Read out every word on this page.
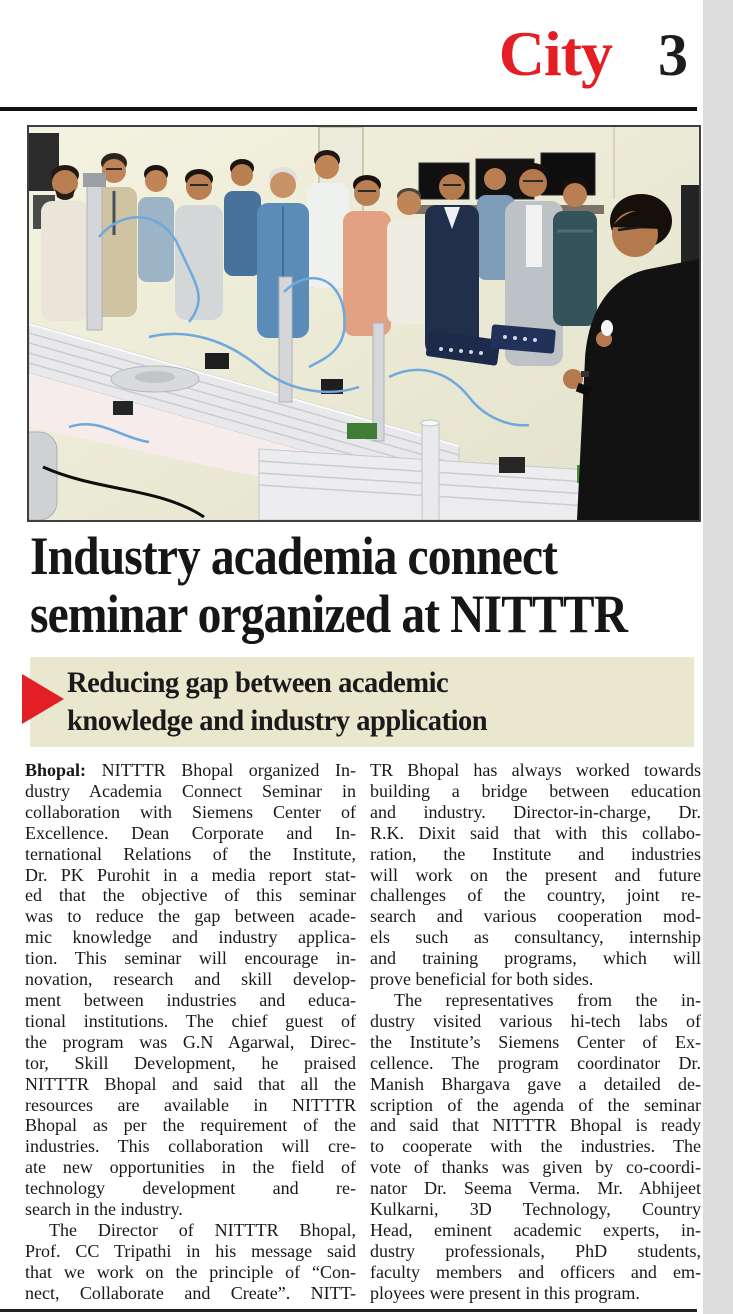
City 3
Industry academia connect
seminar organized at NITTTR
Reducing gap between academic
knowledge and industry application
Bhopal: NITTTR Bhopal organized In-
dustry Academia Connect Seminar in
collaboration with Siemens Center of
Excellence. Dean Corporate and In-
ternational Relations of the Institute,
Dr. PK Purohit in a media report stat-
ed that the objective of this seminar
was to reduce the gap between acade-
mic knowledge and industry applica-
tion. This seminar will encourage in-
novation, research and skill develop-
ment between industries and educa-
tional institutions. The chief guest of
the program was G.N Agarwal, Direc-
tor, Skill Development, he praised
NITTTR Bhopal and said that all the
resources are available in NITTTR
Bhopal as per the requirement of the
industries. This collaboration will cre-
ate new opportunities in the field of
technology development and re-
search in the industry.
The Director of NITTTR Bhopal,
Prof. CC Tripathi in his message said
that we work on the principle of “Con-
nect, Collaborate and Create”. NITT-
TR Bhopal has always worked towards
building a bridge between education
and industry. Director-in-charge, Dr.
R.K. Dixit said that with this collabo-
ration, the Institute and industries
will work on the present and future
challenges of the country, joint re-
search and various cooperation mod-
els such as consultancy, internship
and training programs, which will
prove beneficial for both sides.
The representatives from the in-
dustry visited various hi-tech labs of
the Institute’s Siemens Center of Ex-
cellence. The program coordinator Dr.
Manish Bhargava gave a detailed de-
scription of the agenda of the seminar
and said that NITTTR Bhopal is ready
to cooperate with the industries. The
vote of thanks was given by co-coordi-
nator Dr. Seema Verma. Mr. Abhijeet
Kulkarni, 3D Technology, Country
Head, eminent academic experts, in-
dustry professionals, PhD students,
faculty members and officers and em-
ployees were present in this program.
